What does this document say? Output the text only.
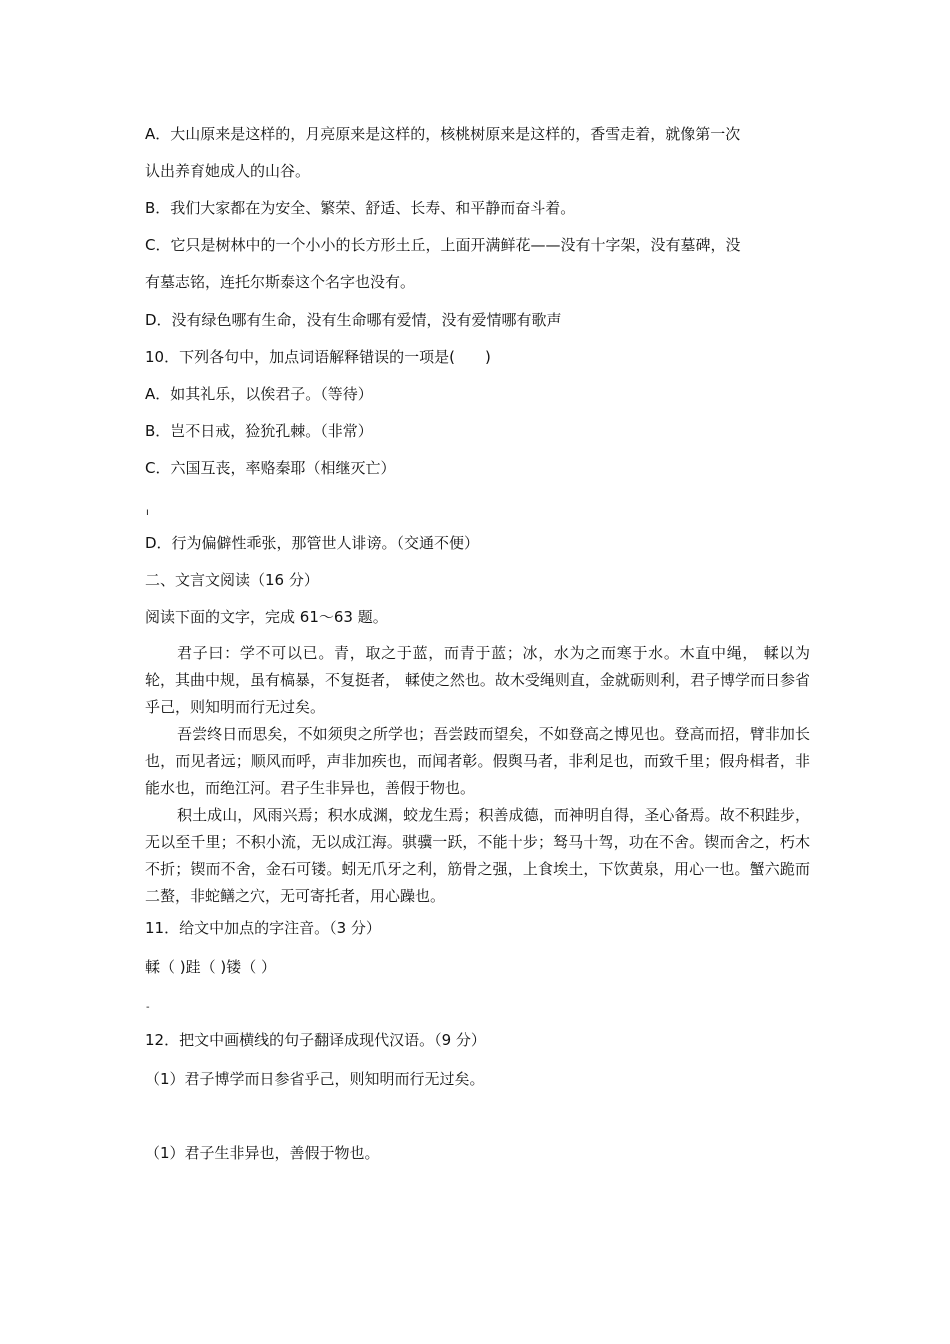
A．大山原来是这样的，月亮原来是这样的，核桃树原来是这样的，香雪走着，就像第一次
认出养育她成人的山谷。
B．我们大家都在为安全、繁荣、舒适、长寿、和平静而奋斗着。
C．它只是树林中的一个小小的长方形土丘，上面开满鲜花——没有十字架，没有墓碑，没
有墓志铭，连托尔斯泰这个名字也没有。
D．没有绿色哪有生命，没有生命哪有爱情，没有爱情哪有歌声
10．下列各句中，加点词语解释错误的一项是(　　)
A．如其礼乐，以俟君子。（等待）
B．岂不日戒，猃狁孔棘。（非常）
C．六国互丧，率赂秦耶（相继灭亡）
ı
D．行为偏僻性乖张，那管世人诽谤。（交通不便）
二、文言文阅读（16 分）
阅读下面的文字，完成 61～63 题。
君子曰：学不可以已。青，取之于蓝，而青于蓝；冰，水为之而寒于水。木直中绳， 輮以为轮，其曲中规，虽有槁暴，不复挺者， 輮使之然也。故木受绳则直，金就砺则利，君子博学而日参省乎己，则知明而行无过矣。
吾尝终日而思矣，不如须臾之所学也；吾尝跂而望矣，不如登高之博见也。登高而招，臂非加长也，而见者远；顺风而呼，声非加疾也，而闻者彰。假舆马者，非利足也，而致千里；假舟楫者，非能水也，而绝江河。君子生非异也，善假于物也。
积土成山，风雨兴焉；积水成渊，蛟龙生焉；积善成德，而神明自得，圣心备焉。故不积跬步，无以至千里；不积小流，无以成江海。骐骥一跃，不能十步；驽马十驾，功在不舍。锲而舍之，朽木不折；锲而不舍，金石可镂。蚓无爪牙之利，筋骨之强，上食埃土，下饮黄泉，用心一也。蟹六跪而二螯，非蛇鳝之穴，无可寄托者，用心躁也。
11．给文中加点的字注音。（3 分）
輮（ )跬（ )镂（ ）
-
12．把文中画横线的句子翻译成现代汉语。（9 分）
（1）君子博学而日参省乎己，则知明而行无过矣。
（1）君子生非异也，善假于物也。
